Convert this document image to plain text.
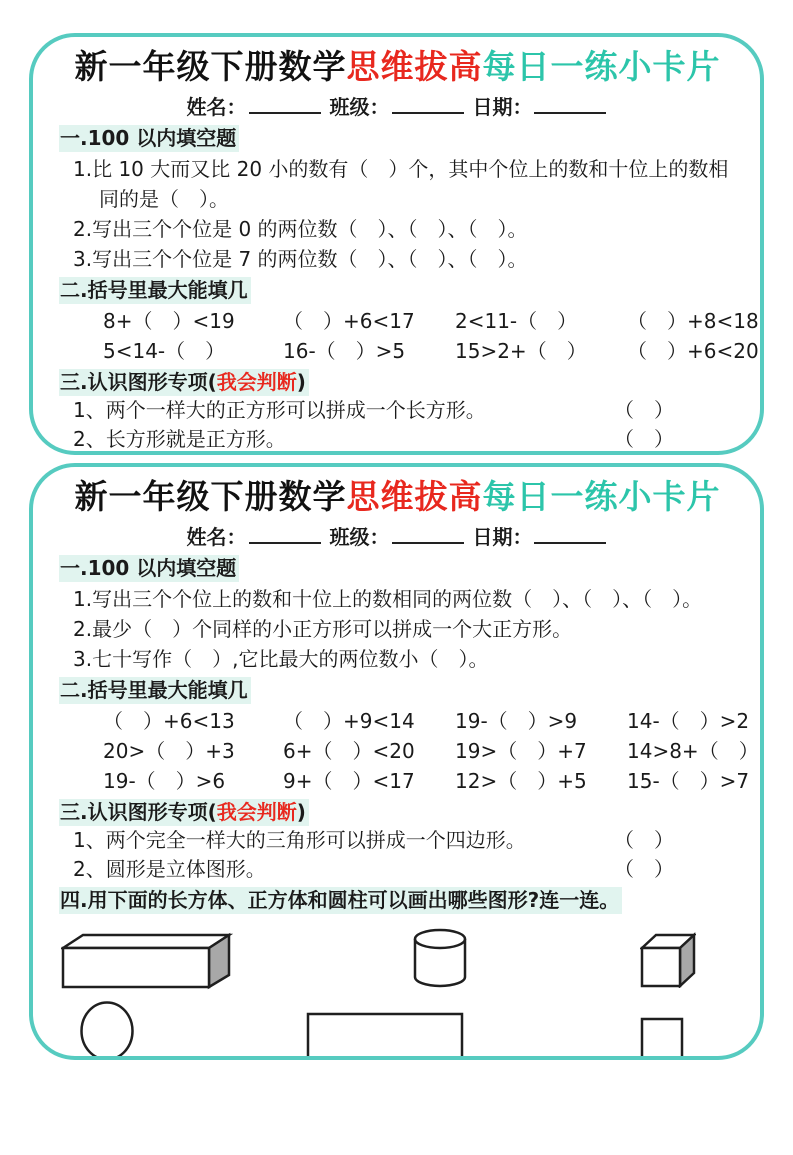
新一年级下册数学思维拔高每日一练小卡片
姓名：	班级：	日期：
一.100 以内填空题
1.比 10 大而又比 20 小的数有（　）个，其中个位上的数和十位上的数相同的是（　）。
2.写出三个个位是 0 的两位数（　）、（　）、（　）。
3.写出三个个位是 7 的两位数（　）、（　）、（　）。
二.括号里最大能填几
8+（　）<19	（　）+6<17	2<11-（　）	（　）+8<18
5<14-（　）	16-（　）>5	15>2+（　）	（　）+6<20
三.认识图形专项(我会判断)
1、两个一样大的正方形可以拼成一个长方形。	（　）
2、长方形就是正方形。	（　）
新一年级下册数学思维拔高每日一练小卡片
姓名：	班级：	日期：
一.100 以内填空题
1.写出三个个位上的数和十位上的数相同的两位数（　）、（　）、（　）。
2.最少（　）个同样的小正方形可以拼成一个大正方形。
3.七十写作（　）,它比最大的两位数小（　）。
二.括号里最大能填几
（　）+6<13	（　）+9<14	19-（　）>9	14-（　）>2
20>（　）+3	6+（　）<20	19>（　）+7	14>8+（　）
19-（　）>6	9+（　）<17	12>（　）+5	15-（　）>7
三.认识图形专项(我会判断)
1、两个完全一样大的三角形可以拼成一个四边形。	（　）
2、圆形是立体图形。	（　）
四.用下面的长方体、正方体和圆柱可以画出哪些图形?连一连。
